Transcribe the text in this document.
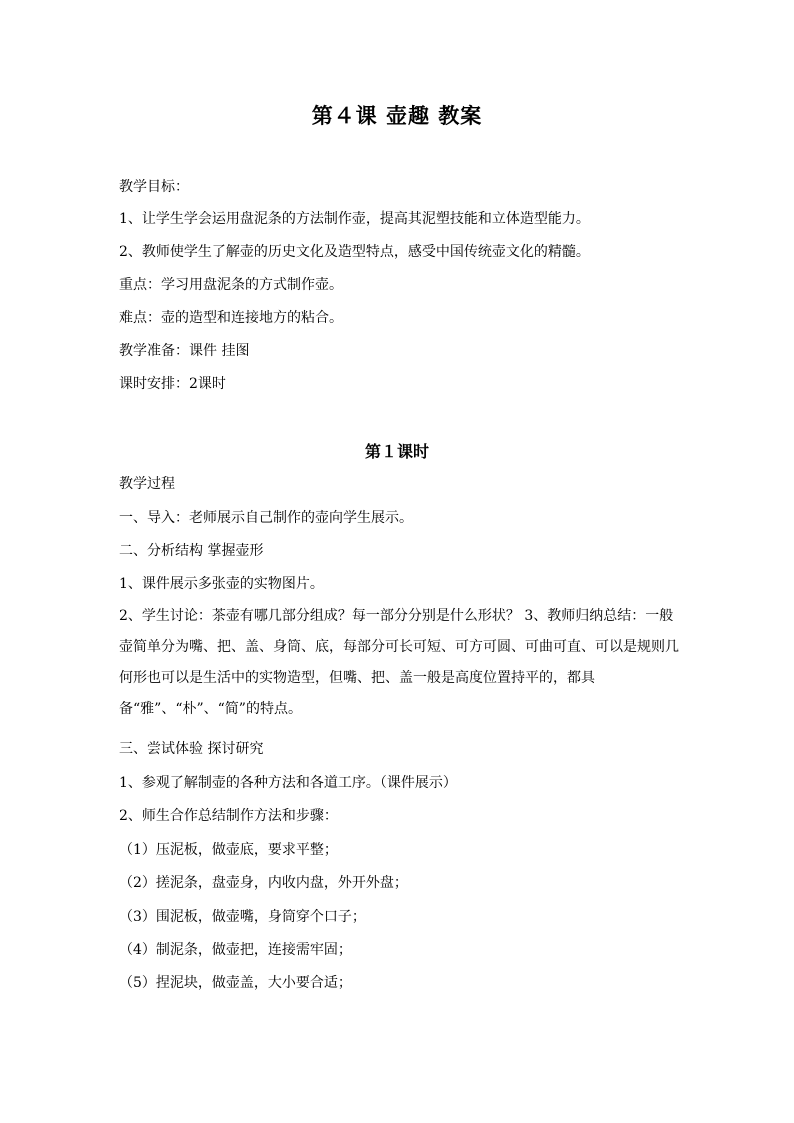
第４课 壶趣 教案
教学目标：
1、让学生学会运用盘泥条的方法制作壶，提高其泥塑技能和立体造型能力。
2、教师使学生了解壶的历史文化及造型特点，感受中国传统壶文化的精髓。
重点：学习用盘泥条的方式制作壶。
难点：壶的造型和连接地方的粘合。
教学准备：课件 挂图
课时安排：2课时
第１课时
教学过程
一、导入：老师展示自己制作的壶向学生展示。
二、分析结构 掌握壶形
1、课件展示多张壶的实物图片。
2、学生讨论：茶壶有哪几部分组成？每一部分分别是什么形状？ 3、教师归纳总结：一般壶简单分为嘴、把、盖、身筒、底，每部分可长可短、可方可圆、可曲可直、可以是规则几何形也可以是生活中的实物造型，但嘴、把、盖一般是高度位置持平的，都具备“雅”、“朴”、“简”的特点。
三、尝试体验 探讨研究
1、参观了解制壶的各种方法和各道工序。（课件展示）
2、师生合作总结制作方法和步骤：
（1）压泥板，做壶底，要求平整；
（2）搓泥条，盘壶身，内收内盘，外开外盘；
（3）围泥板，做壶嘴，身筒穿个口子；
（4）制泥条，做壶把，连接需牢固；
（5）捏泥块，做壶盖，大小要合适；
